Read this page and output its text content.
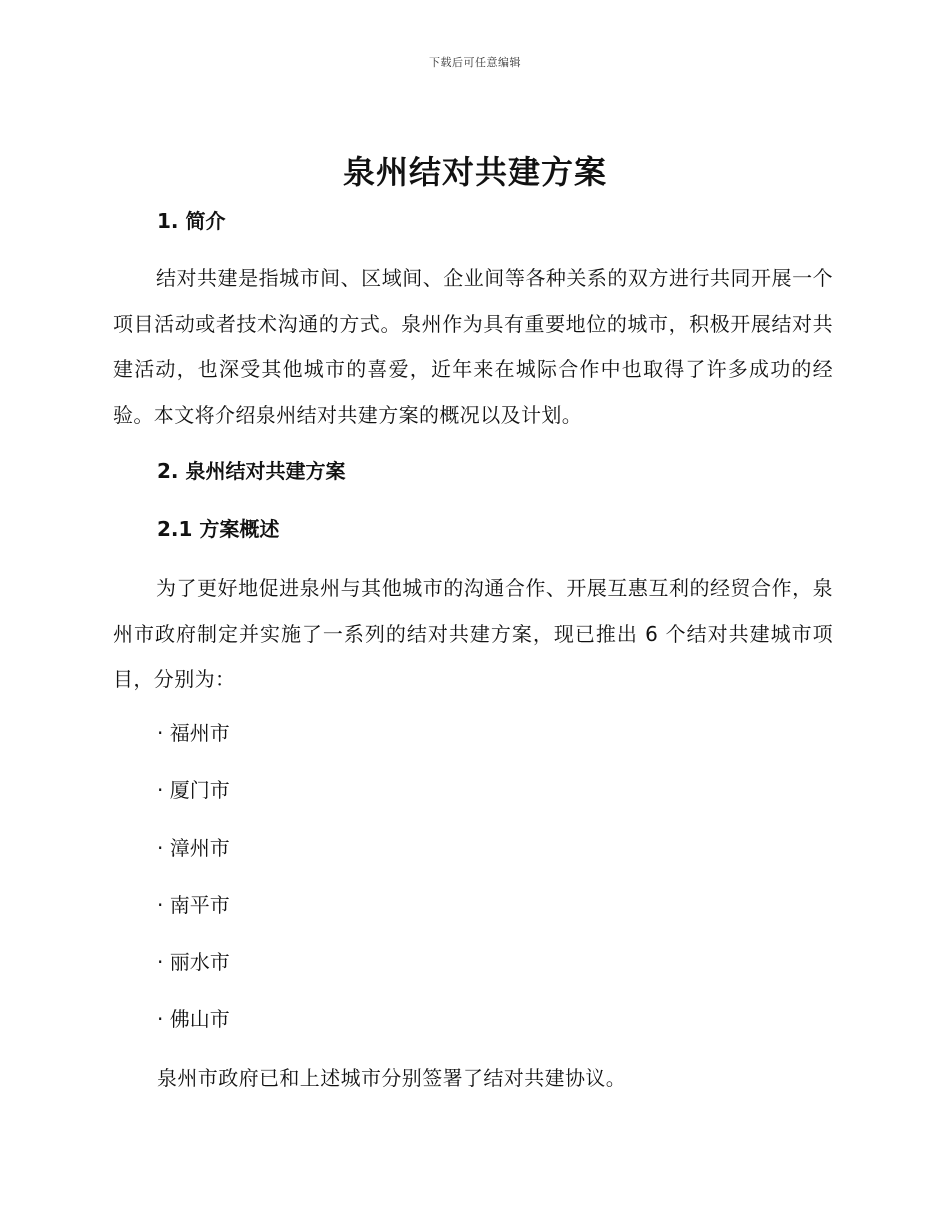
下载后可任意编辑
泉州结对共建方案
1. 简介

结对共建是指城市间、区域间、企业间等各种关系的双方进行共同开展一个项目活动或者技术沟通的方式。泉州作为具有重要地位的城市，积极开展结对共建活动，也深受其他城市的喜爱，近年来在城际合作中也取得了许多成功的经验。本文将介绍泉州结对共建方案的概况以及计划。

2. 泉州结对共建方案
2.1 方案概述

为了更好地促进泉州与其他城市的沟通合作、开展互惠互利的经贸合作，泉州市政府制定并实施了一系列的结对共建方案，现已推出 6 个结对共建城市项目，分别为：

· 福州市
· 厦门市
· 漳州市
· 南平市
· 丽水市
· 佛山市

泉州市政府已和上述城市分别签署了结对共建协议。
